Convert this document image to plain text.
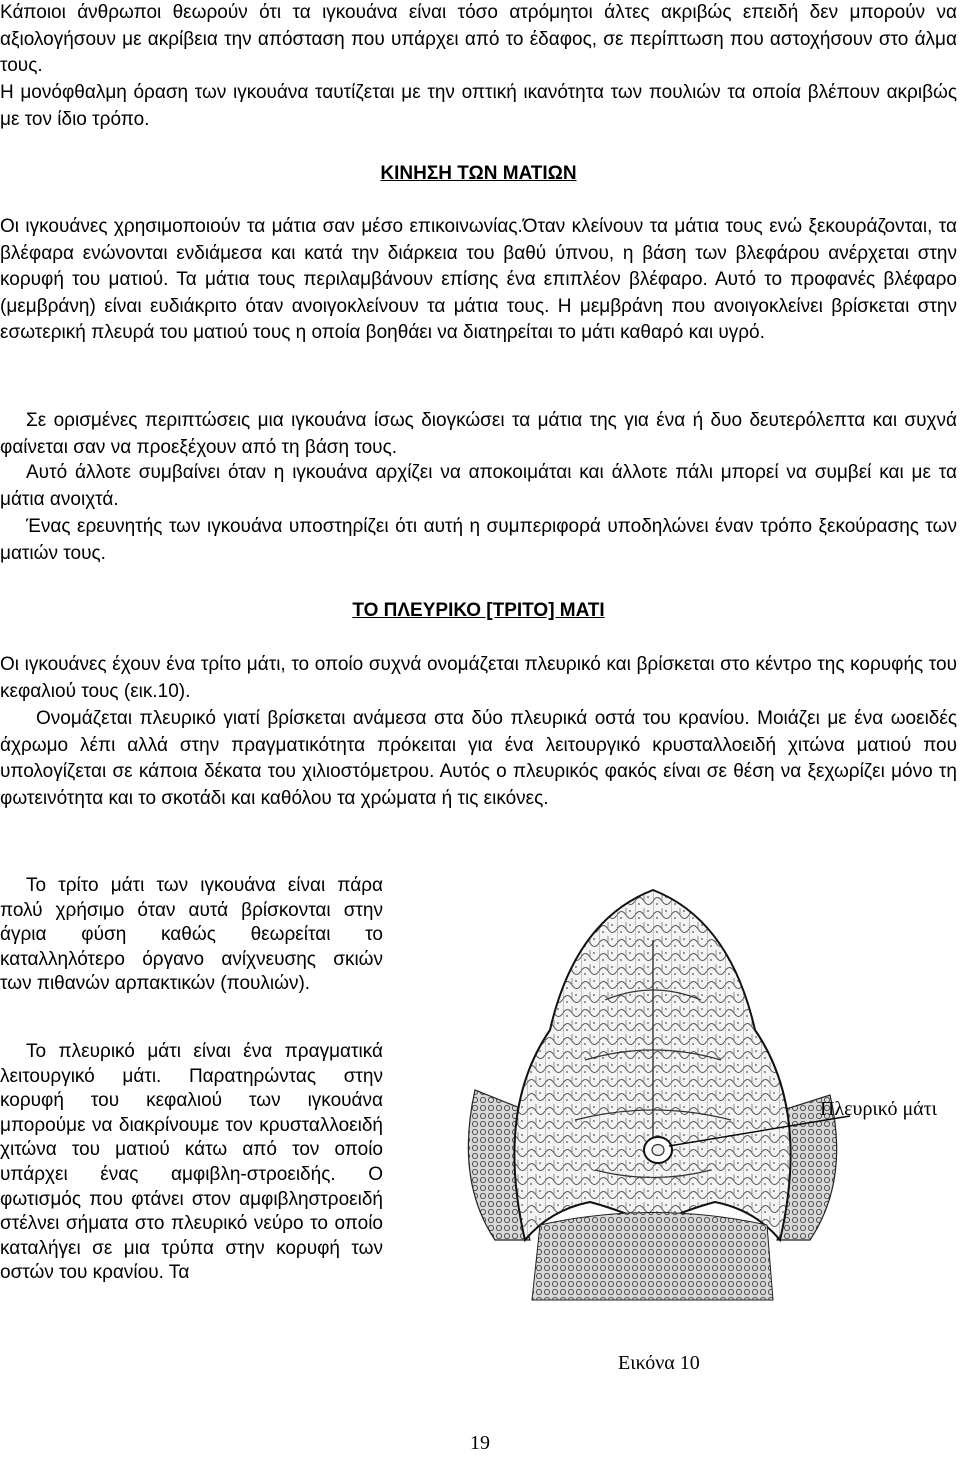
Κάποιοι άνθρωποι θεωρούν ότι τα ιγκουάνα είναι τόσο ατρόμητοι άλτες ακριβώς επειδή δεν μπορούν να αξιολογήσουν με ακρίβεια την απόσταση που υπάρχει από το έδαφος, σε περίπτωση που αστοχήσουν στο άλμα τους.

Η μονόφθαλμη όραση των ιγκουάνα ταυτίζεται με την οπτική ικανότητα των πουλιών τα οποία βλέπουν ακριβώς με τον ίδιο τρόπο.

ΚΙΝΗΣΗ ΤΩΝ ΜΑΤΙΩΝ

Οι ιγκουάνες χρησιμοποιούν τα μάτια σαν μέσο επικοινωνίας.Όταν κλείνουν τα μάτια τους ενώ ξεκουράζονται, τα βλέφαρα ενώνονται ενδιάμεσα και κατά την διάρκεια του βαθύ ύπνου, η βάση των βλεφάρου ανέρχεται στην κορυφή του ματιού. Τα μάτια τους περιλαμβάνουν επίσης ένα επιπλέον βλέφαρο. Αυτό το προφανές βλέφαρο (μεμβράνη) είναι ευδιάκριτο όταν ανοιγοκλείνουν τα μάτια τους. Η μεμβράνη που ανοιγοκλείνει βρίσκεται στην εσωτερική πλευρά του ματιού τους η οποία βοηθάει να διατηρείται το μάτι καθαρό και υγρό.

Σε ορισμένες περιπτώσεις μια ιγκουάνα ίσως διογκώσει τα μάτια της για ένα ή δυο δευτερόλεπτα και συχνά φαίνεται σαν να προεξέχουν από τη βάση τους.

Αυτό άλλοτε συμβαίνει όταν η ιγκουάνα αρχίζει να αποκοιμάται και άλλοτε πάλι μπορεί να συμβεί και με τα μάτια ανοιχτά.

Ένας ερευνητής των ιγκουάνα υποστηρίζει ότι αυτή η συμπεριφορά υποδηλώνει έναν τρόπο ξεκούρασης των ματιών τους.

ΤΟ ΠΛΕΥΡΙΚΟ [ΤΡΙΤΟ] ΜΑΤΙ

Οι ιγκουάνες έχουν ένα τρίτο μάτι, το οποίο συχνά ονομάζεται πλευρικό και βρίσκεται στο κέντρο της κορυφής του κεφαλιού τους (εικ.10).

Ονομάζεται πλευρικό γιατί βρίσκεται ανάμεσα στα δύο πλευρικά οστά του κρανίου. Μοιάζει με ένα ωοειδές άχρωμο λέπι αλλά στην πραγματικότητα πρόκειται για ένα λειτουργικό κρυσταλλοειδή χιτώνα ματιού που υπολογίζεται σε κάποια δέκατα του χιλιοστόμετρου. Αυτός ο πλευρικός φακός είναι σε θέση να ξεχωρίζει μόνο τη φωτεινότητα και το σκοτάδι και καθόλου τα χρώματα ή τις εικόνες.

Το τρίτο μάτι των ιγκουάνα είναι πάρα πολύ χρήσιμο όταν αυτά βρίσκονται στην άγρια φύση καθώς θεωρείται το καταλληλότερο όργανο ανίχνευσης σκιών των πιθανών αρπακτικών (πουλιών).

Το πλευρικό μάτι είναι ένα πραγματικά λειτουργικό μάτι. Παρατηρώντας στην κορυφή του κεφαλιού των ιγκουάνα μπορούμε να διακρίνουμε τον κρυσταλλοειδή χιτώνα του ματιού κάτω από τον οποίο υπάρχει ένας αμφιβλη-στροειδής. Ο φωτισμός που φτάνει στον αμφιβληστροειδή στέλνει σήματα στο πλευρικό νεύρο το οποίο καταλήγει σε μια τρύπα στην κορυφή των οστών του κρανίου. Τα

Πλευρικό μάτι

Εικόνα 10

19
